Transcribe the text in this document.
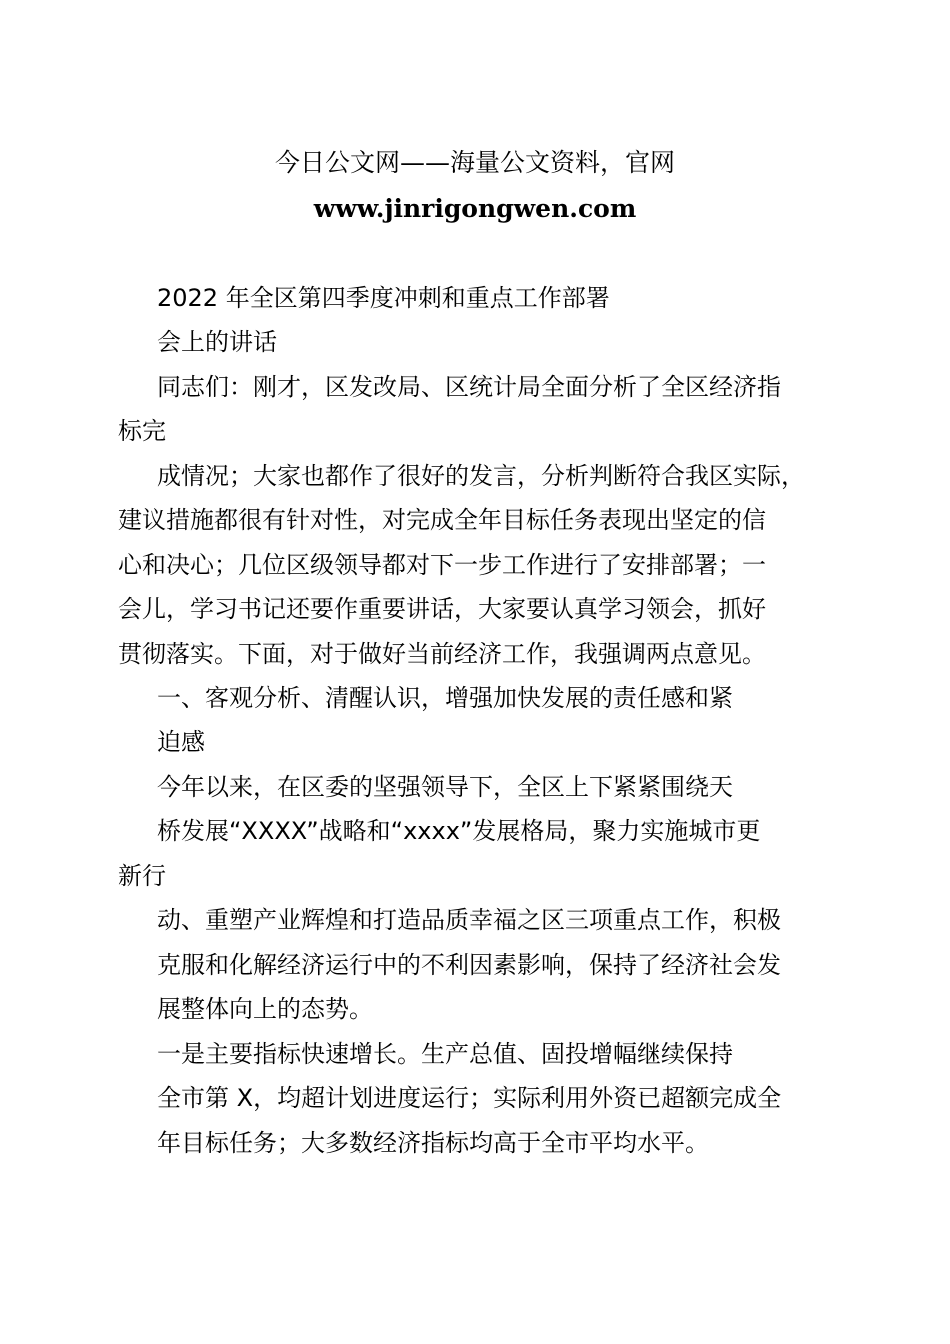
今日公文网——海量公文资料，官网
www.jinrigongwen.com
2022 年全区第四季度冲刺和重点工作部署
会上的讲话
同志们：刚才，区发改局、区统计局全面分析了全区经济指
标完
成情况；大家也都作了很好的发言，分析判断符合我区实际，
建议措施都很有针对性，对完成全年目标任务表现出坚定的信
心和决心；几位区级领导都对下一步工作进行了安排部署；一
会儿，学习书记还要作重要讲话，大家要认真学习领会，抓好
贯彻落实。下面，对于做好当前经济工作，我强调两点意见。
一、客观分析、清醒认识，增强加快发展的责任感和紧
迫感
今年以来，在区委的坚强领导下，全区上下紧紧围绕天
桥发展“XXXX”战略和“xxxx”发展格局，聚力实施城市更
新行
动、重塑产业辉煌和打造品质幸福之区三项重点工作，积极
克服和化解经济运行中的不利因素影响，保持了经济社会发
展整体向上的态势。
一是主要指标快速增长。生产总值、固投增幅继续保持
全市第 X，均超计划进度运行；实际利用外资已超额完成全
年目标任务；大多数经济指标均高于全市平均水平。
